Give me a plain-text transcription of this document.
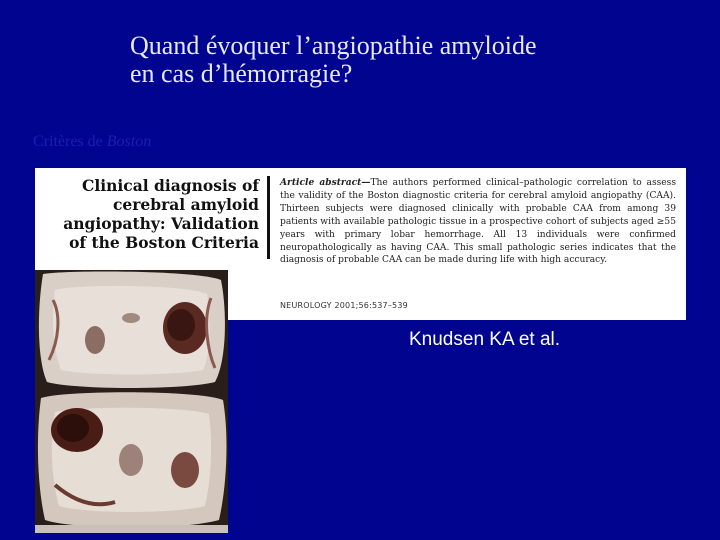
Quand évoquer l’angiopathie amyloide
en cas d’hémorragie?
Critères de Boston
Clinical diagnosis of cerebral amyloid angiopathy: Validation of the Boston Criteria
Article abstract—The authors performed clinical–pathologic correlation to assess the validity of the Boston diagnostic criteria for cerebral amyloid angiopathy (CAA). Thirteen subjects were diagnosed clinically with probable CAA from among 39 patients with available pathologic tissue in a prospective cohort of subjects aged ≥55 years with primary lobar hemorrhage. All 13 individuals were confirmed neuropathologically as having CAA. This small pathologic series indicates that the diagnosis of probable CAA can be made during life with high accuracy.
NEUROLOGY 2001;56:537–539
Knudsen KA et al.
